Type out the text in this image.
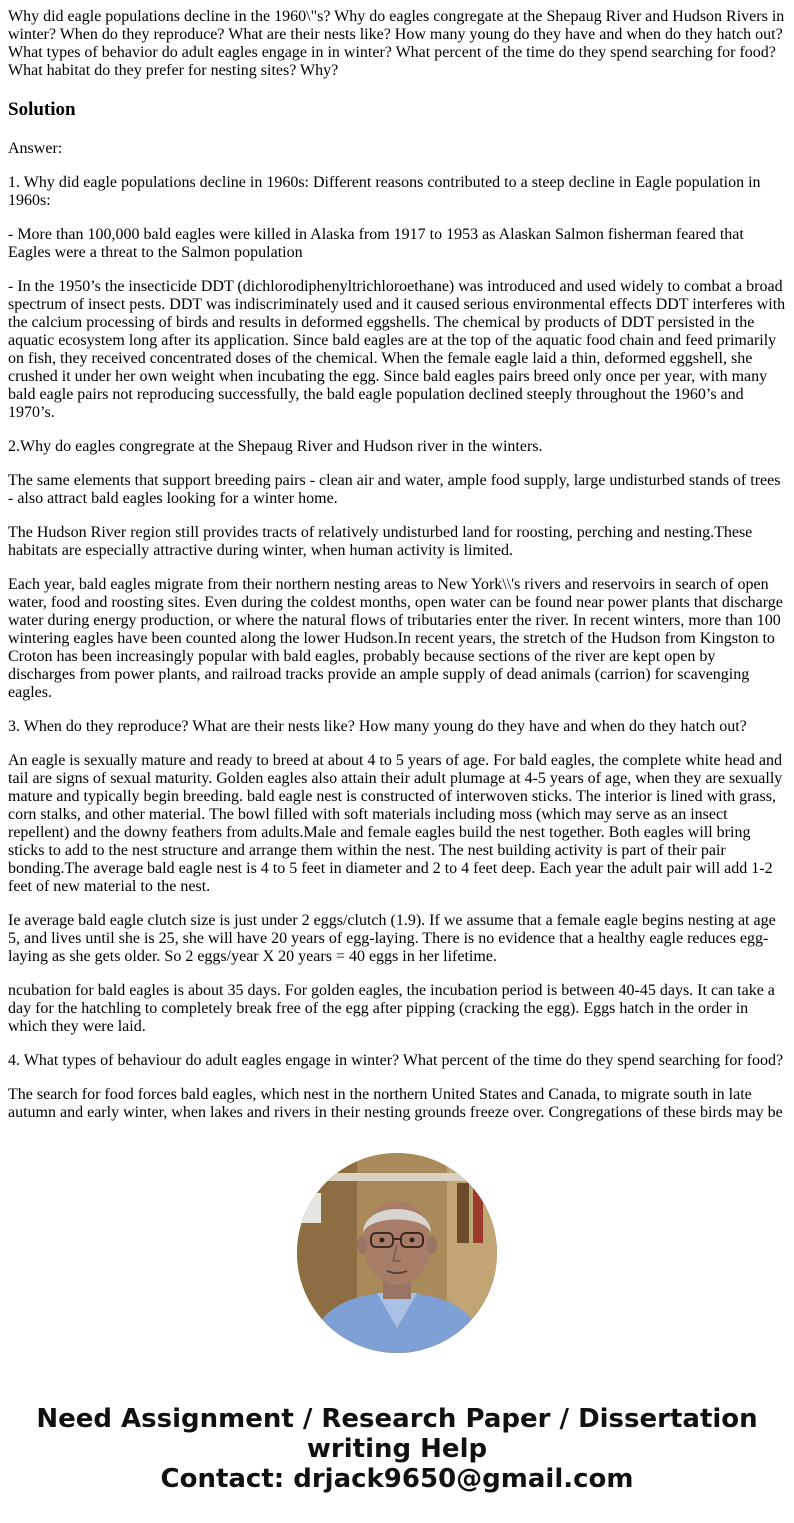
Why did eagle populations decline in the 1960\"s? Why do eagles congregate at the Shepaug River and Hudson Rivers in winter? When do they reproduce? What are their nests like? How many young do they have and when do they hatch out? What types of behavior do adult eagles engage in in winter? What percent of the time do they spend searching for food? What habitat do they prefer for nesting sites? Why?

Solution

Answer:

1. Why did eagle populations decline in 1960s: Different reasons contributed to a steep decline in Eagle population in 1960s:

- More than 100,000 bald eagles were killed in Alaska from 1917 to 1953 as Alaskan Salmon fisherman feared that Eagles were a threat to the Salmon population

- In the 1950’s the insecticide DDT (dichlorodiphenyltrichloroethane) was introduced and used widely to combat a broad spectrum of insect pests. DDT was indiscriminately used and it caused serious environmental effects DDT interferes with the calcium processing of birds and results in deformed eggshells. The chemical by products of DDT persisted in the aquatic ecosystem long after its application. Since bald eagles are at the top of the aquatic food chain and feed primarily on fish, they received concentrated doses of the chemical. When the female eagle laid a thin, deformed eggshell, she crushed it under her own weight when incubating the egg. Since bald eagles pairs breed only once per year, with many bald eagle pairs not reproducing successfully, the bald eagle population declined steeply throughout the 1960’s and 1970’s.

2.Why do eagles congregrate at the Shepaug River and Hudson river in the winters.

The same elements that support breeding pairs - clean air and water, ample food supply, large undisturbed stands of trees - also attract bald eagles looking for a winter home.

The Hudson River region still provides tracts of relatively undisturbed land for roosting, perching and nesting.These habitats are especially attractive during winter, when human activity is limited.

Each year, bald eagles migrate from their northern nesting areas to New York\\'s rivers and reservoirs in search of open water, food and roosting sites. Even during the coldest months, open water can be found near power plants that discharge water during energy production, or where the natural flows of tributaries enter the river. In recent winters, more than 100 wintering eagles have been counted along the lower Hudson.In recent years, the stretch of the Hudson from Kingston to Croton has been increasingly popular with bald eagles, probably because sections of the river are kept open by discharges from power plants, and railroad tracks provide an ample supply of dead animals (carrion) for scavenging eagles.

3. When do they reproduce? What are their nests like? How many young do they have and when do they hatch out?

An eagle is sexually mature and ready to breed at about 4 to 5 years of age. For bald eagles, the complete white head and tail are signs of sexual maturity. Golden eagles also attain their adult plumage at 4-5 years of age, when they are sexually mature and typically begin breeding. bald eagle nest is constructed of interwoven sticks. The interior is lined with grass, corn stalks, and other material. The bowl filled with soft materials including moss (which may serve as an insect repellent) and the downy feathers from adults.Male and female eagles build the nest together. Both eagles will bring sticks to add to the nest structure and arrange them within the nest. The nest building activity is part of their pair bonding.The average bald eagle nest is 4 to 5 feet in diameter and 2 to 4 feet deep. Each year the adult pair will add 1-2 feet of new material to the nest.

Ie average bald eagle clutch size is just under 2 eggs/clutch (1.9). If we assume that a female eagle begins nesting at age 5, and lives until she is 25, she will have 20 years of egg-laying. There is no evidence that a healthy eagle reduces egg-laying as she gets older. So 2 eggs/year X 20 years = 40 eggs in her lifetime.

ncubation for bald eagles is about 35 days. For golden eagles, the incubation period is between 40-45 days. It can take a day for the hatchling to completely break free of the egg after pipping (cracking the egg). Eggs hatch in the order in which they were laid.

4. What types of behaviour do adult eagles engage in winter? What percent of the time do they spend searching for food?

The search for food forces bald eagles, which nest in the northern United States and Canada, to migrate south in late autumn and early winter, when lakes and rivers in their nesting grounds freeze over. Congregations of these birds may be

Need Assignment / Research Paper / Dissertation
writing Help
Contact: drjack9650@gmail.com
